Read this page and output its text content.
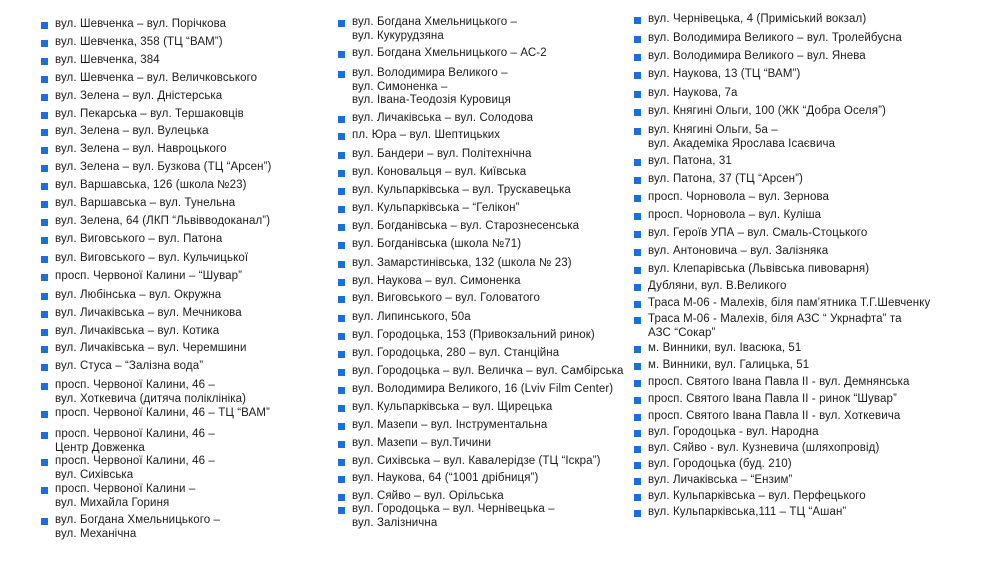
вул. Шевченка – вул. Порічкова
вул. Шевченка, 358 (ТЦ “ВАМ”)
вул. Шевченка, 384
вул. Шевченка – вул. Величковського
вул. Зелена – вул. Дністерська
вул. Пекарська – вул. Тершаковців
вул. Зелена – вул. Вулецька
вул. Зелена – вул. Навроцького
вул. Зелена – вул. Бузкова (ТЦ “Арсен”)
вул. Варшавська, 126 (школа №23)
вул. Варшавська – вул. Тунельна
вул. Зелена, 64 (ЛКП “Львівводоканал”)
вул. Виговського – вул. Патона
вул. Виговського – вул. Кульчицької
просп. Червоної Калини – “Шувар”
вул. Любінська – вул. Окружна
вул. Личаківська – вул. Мечникова
вул. Личаківська – вул. Котика
вул. Личаківська – вул. Черемшини
вул. Стуса – “Залізна вода”
просп. Червоної Калини, 46 –
вул. Хоткевича (дитяча поліклініка)
просп. Червоної Калини, 46 – ТЦ “ВАМ”
просп. Червоної Калини, 46 –
Центр Довженка
просп. Червоної Калини, 46 –
вул. Сихівська
просп. Червоної Калини –
вул. Михайла Гориня
вул. Богдана Хмельницького –
вул. Механічна
вул. Богдана Хмельницького –
вул. Кукурудзяна
вул. Богдана Хмельницького – АС-2
вул. Володимира Великого –
вул. Симоненка –
вул. Івана-Теодозія Куровиця
вул. Личаківська – вул. Солодова
пл. Юра – вул. Шептицьких
вул. Бандери – вул. Політехнічна
вул. Коновальця – вул. Київська
вул. Кульпарківська – вул. Трускавецька
вул. Кульпарківська – “Гелікон”
вул. Богданівська – вул. Старознесенська
вул. Богданівська (школа №71)
вул. Замарстинівська, 132 (школа № 23)
вул. Наукова – вул. Симоненка
вул. Виговського – вул. Головатого
вул. Липинського, 50а
вул. Городоцька, 153 (Привокзальний ринок)
вул. Городоцька, 280 – вул. Станційна
вул. Городоцька – вул. Величка – вул. Самбірська
вул. Володимира Великого, 16 (Lviv Film Center)
вул. Кульпарківська – вул. Щирецька
вул. Мазепи – вул. Інструментальна
вул. Мазепи – вул.Тичини
вул. Сихівська – вул. Кавалерідзе (ТЦ “Іскра”)
вул. Наукова, 64 (“1001 дрібниця”)
вул. Сяйво – вул. Орільська
вул. Городоцька – вул. Чернівецька –
вул. Залізнична
вул. Чернівецька, 4 (Приміський вокзал)
вул. Володимира Великого – вул. Тролейбусна
вул. Володимира Великого – вул. Янева
вул. Наукова, 13 (ТЦ “ВАМ”)
вул. Наукова, 7а
вул. Княгині Ольги, 100 (ЖК “Добра Оселя”)
вул. Княгині Ольги, 5а –
вул. Академіка Ярослава Ісаєвича
вул. Патона, 31
вул. Патона, 37 (ТЦ “Арсен”)
просп. Чорновола – вул. Зернова
просп. Чорновола – вул. Куліша
вул. Героїв УПА – вул. Смаль-Стоцького
вул. Антоновича – вул. Залізняка
вул. Клепарівська (Львівська пивоварня)
Дубляни, вул. В.Великого
Траса М-06 - Малехів, біля пам’ятника Т.Г.Шевченку
Траса М-06 - Малехів, біля АЗС “ Укрнафта” та
АЗС “Сокар”
м. Винники, вул. Івасюка, 51
м. Винники, вул. Галицька, 51
просп. Святого Івана Павла ІІ - вул. Демнянська
просп. Святого Івана Павла ІІ - ринок “Шувар”
просп. Святого Івана Павла ІІ - вул. Хоткевича
вул. Городоцька - вул. Народна
вул. Сяйво - вул. Кузневича (шляхопровід)
вул. Городоцька (буд. 210)
вул. Личаківська – “Ензим”
вул. Кульпарківська – вул. Перфецького
вул. Кульпарківська,111 – ТЦ “Ашан”
